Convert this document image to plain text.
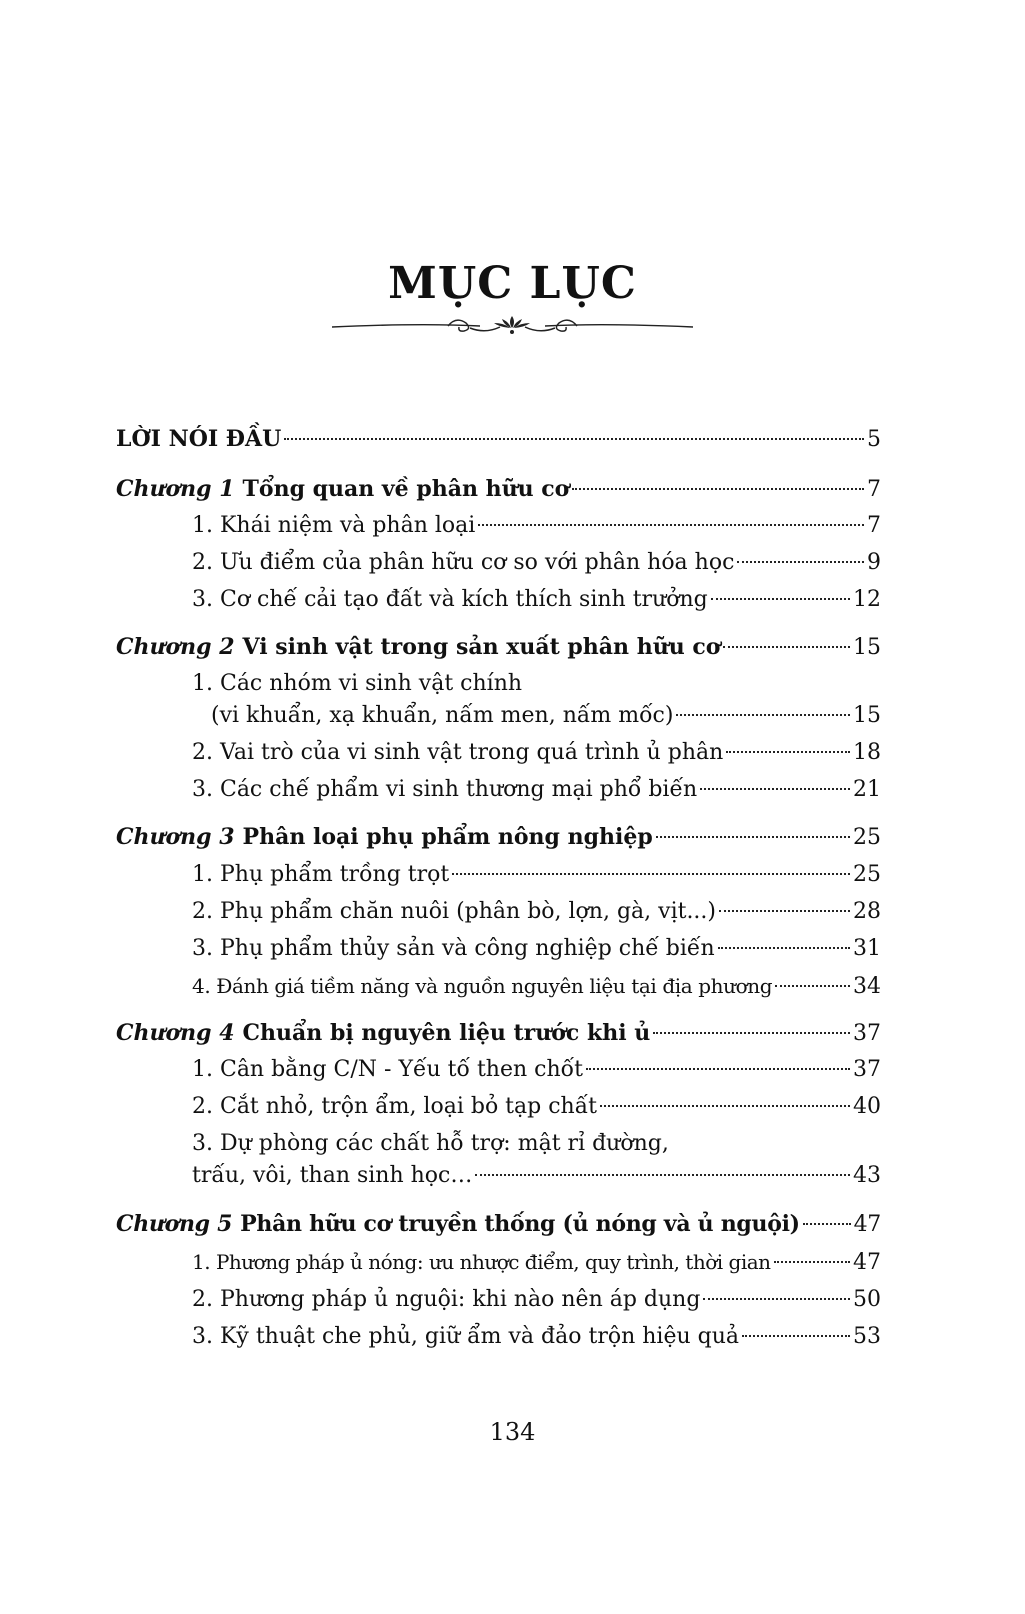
MỤC LỤC
LỜI NÓI ĐẦU	5
Chương 1 Tổng quan về phân hữu cơ	7
1. Khái niệm và phân loại	7
2. Ưu điểm của phân hữu cơ so với phân hóa học	9
3. Cơ chế cải tạo đất và kích thích sinh trưởng	12
Chương 2 Vi sinh vật trong sản xuất phân hữu cơ	15
1. Các nhóm vi sinh vật chính
(vi khuẩn, xạ khuẩn, nấm men, nấm mốc)	15
2. Vai trò của vi sinh vật trong quá trình ủ phân	18
3. Các chế phẩm vi sinh thương mại phổ biến	21
Chương 3 Phân loại phụ phẩm nông nghiệp	25
1. Phụ phẩm trồng trọt	25
2. Phụ phẩm chăn nuôi (phân bò, lợn, gà, vịt...)	28
3. Phụ phẩm thủy sản và công nghiệp chế biến	31
4. Đánh giá tiềm năng và nguồn nguyên liệu tại địa phương	34
Chương 4 Chuẩn bị nguyên liệu trước khi ủ	37
1. Cân bằng C/N - Yếu tố then chốt	37
2. Cắt nhỏ, trộn ẩm, loại bỏ tạp chất	40
3. Dự phòng các chất hỗ trợ: mật rỉ đường,
trấu, vôi, than sinh học…	43
Chương 5 Phân hữu cơ truyền thống (ủ nóng và ủ nguội) 47
1. Phương pháp ủ nóng: ưu nhược điểm, quy trình, thời gian	47
2. Phương pháp ủ nguội: khi nào nên áp dụng	50
3. Kỹ thuật che phủ, giữ ẩm và đảo trộn hiệu quả	53
134
